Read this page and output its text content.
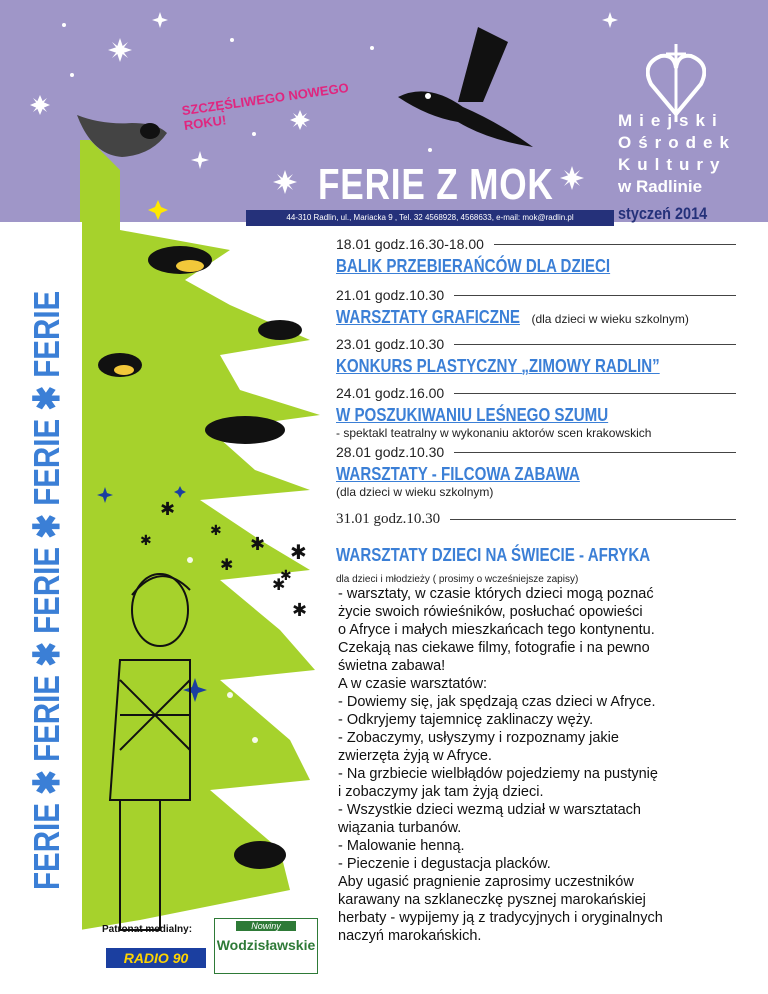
✱
✱
✱
✱
✱
✱
✱
✱
✱
SZCZĘŚLIWEGO NOWEGO ROKU!
FERIE Z MOK
44-310 Radlin, ul., Mariacka 9 , Tel. 32 4568928, 4568633, e-mail: mok@radlin.pl	styczeń 2014
Miejski
Ośrodek
Kultury
w Radlinie
FERIE ✱ FERIE ✱ FERIE ✱ FERIE ✱ FERIE
18.01 godz.16.30-18.00
BALIK PRZEBIERAŃCÓW DLA DZIECI
21.01 godz.10.30
WARSZTATY GRAFICZNE (dla dzieci w wieku szkolnym)
23.01 godz.10.30
KONKURS PLASTYCZNY „ZIMOWY RADLIN”
24.01 godz.16.00
W POSZUKIWANIU LEŚNEGO SZUMU
- spektakl teatralny w wykonaniu aktorów scen krakowskich
28.01 godz.10.30
WARSZTATY - FILCOWA ZABAWA
(dla dzieci w wieku szkolnym)
31.01 godz.10.30
WARSZTATY DZIECI NA ŚWIECIE - AFRYKA
dla dzieci i młodzieży ( prosimy o wcześniejsze zapisy)
- warsztaty, w czasie których dzieci mogą poznać
życie swoich rówieśników, posłuchać opowieści
o Afryce i małych mieszkańcach tego kontynentu.
Czekają nas ciekawe filmy, fotografie i na pewno
świetna zabawa!
A w czasie warsztatów:
- Dowiemy się, jak spędzają czas dzieci w Afryce.
- Odkryjemy tajemnicę zaklinaczy węży.
- Zobaczymy, usłyszymy i rozpoznamy jakie
zwierzęta żyją w Afryce.
- Na grzbiecie wielbłądów pojedziemy na pustynię
i zobaczymy jak tam żyją dzieci.
- Wszystkie dzieci wezmą udział w warsztatach
wiązania turbanów.
- Malowanie henną.
- Pieczenie i degustacja placków.
Aby ugasić pragnienie zaprosimy uczestników
karawany na szklaneczkę pysznej marokańskiej
herbaty - wypijemy ją z tradycyjnych i oryginalnych
naczyń marokańskich.
Patronat medialny:
RADIO 90
Nowiny
Wodzisławskie
